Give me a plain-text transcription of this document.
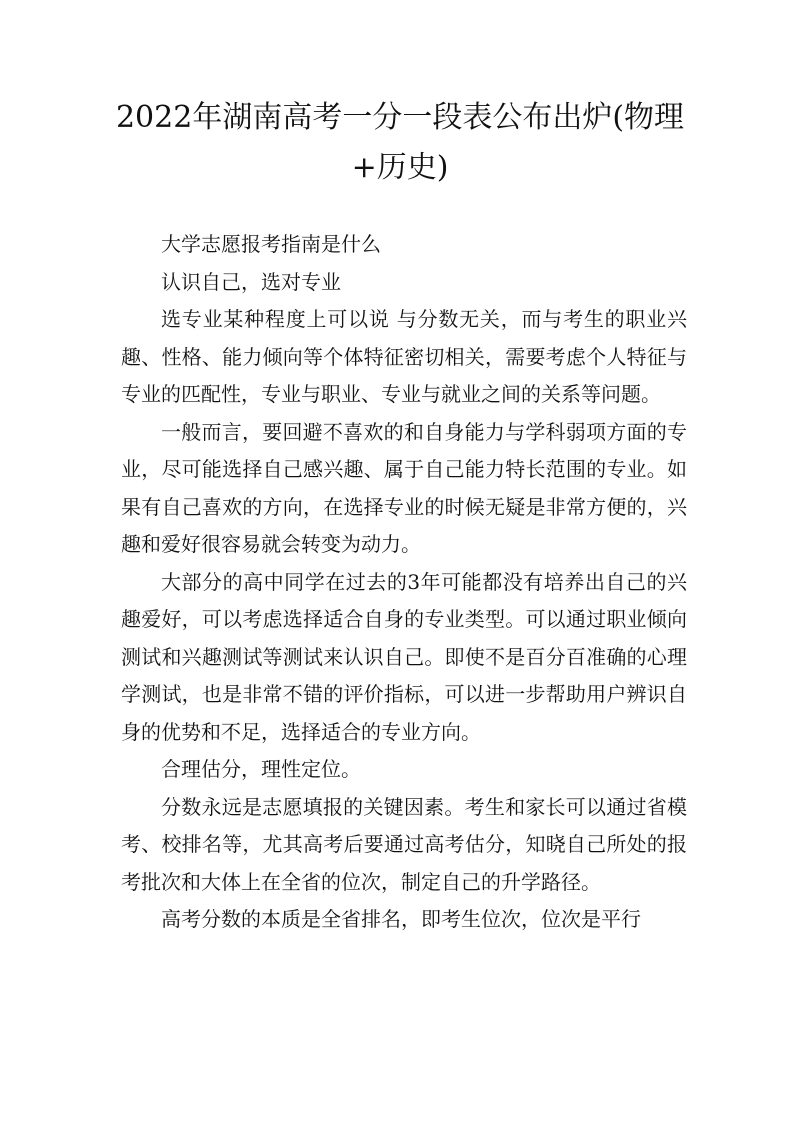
2022年湖南高考一分一段表公布出炉(物理+历史)

大学志愿报考指南是什么

认识自己，选对专业

选专业某种程度上可以说 与分数无关，而与考生的职业兴趣、性格、能力倾向等个体特征密切相关，需要考虑个人特征与专业的匹配性，专业与职业、专业与就业之间的关系等问题。

一般而言，要回避不喜欢的和自身能力与学科弱项方面的专业，尽可能选择自己感兴趣、属于自己能力特长范围的专业。如果有自己喜欢的方向，在选择专业的时候无疑是非常方便的，兴趣和爱好很容易就会转变为动力。

大部分的高中同学在过去的3年可能都没有培养出自己的兴趣爱好，可以考虑选择适合自身的专业类型。可以通过职业倾向测试和兴趣测试等测试来认识自己。即使不是百分百准确的心理学测试，也是非常不错的评价指标，可以进一步帮助用户辨识自身的优势和不足，选择适合的专业方向。

合理估分，理性定位。

分数永远是志愿填报的关键因素。考生和家长可以通过省模考、校排名等，尤其高考后要通过高考估分，知晓自己所处的报考批次和大体上在全省的位次，制定自己的升学路径。

高考分数的本质是全省排名，即考生位次，位次是平行
